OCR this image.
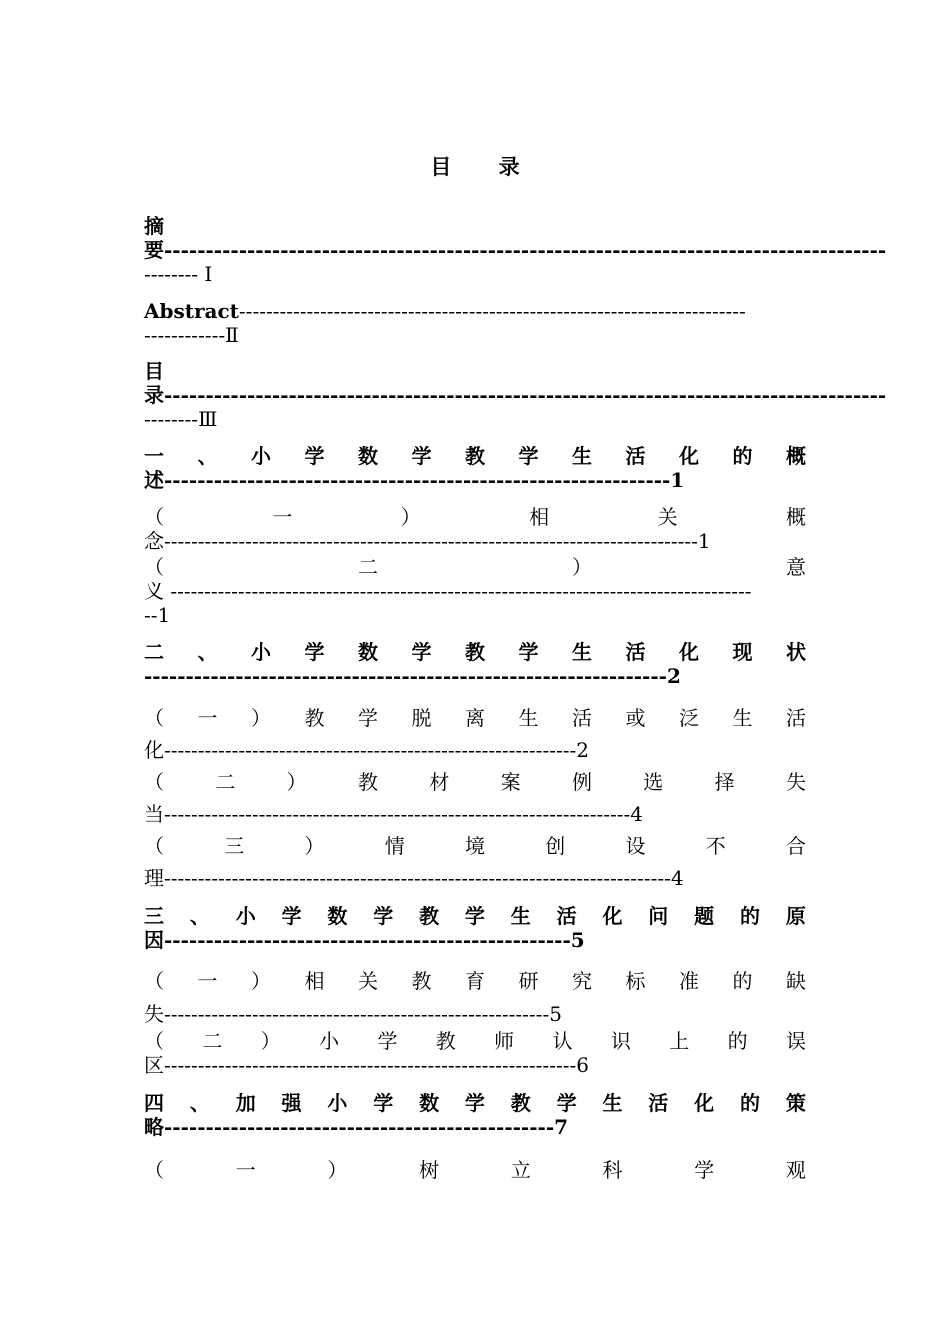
目 录

摘

要---------------------------------------------------------------------------------------

-------- Ⅰ

Abstract---------------------------------------------------------------------------

------------Ⅱ

目

录---------------------------------------------------------------------------------------

--------Ⅲ

一 、 小 学 数 学 教 学 生 活 化 的 概

述-------------------------------------------------------------1

（	一	）	相	关	概

念-------------------------------------------------------------------------------1

（	二	）	意

义 --------------------------------------------------------------------------------------

--1

二 、 小 学 数 学 教 学 生 活 化 现 状

---------------------------------------------------------------2

（ 一 ） 教 学 脱 离 生 活 或 泛 生 活

化-------------------------------------------------------------2

（	二	）	教	材	案	例	选	择	失

当---------------------------------------------------------------------4

（	三	）	情	境	创	设	不	合

理---------------------------------------------------------------------------4

三 、 小 学 数 学 教 学 生 活 化 问 题 的 原

因-------------------------------------------------5

（ 一 ） 相 关 教 育 研 究 标 准 的 缺

失---------------------------------------------------------5

（ 二 ） 小 学 教 师 认 识 上 的 误

区-------------------------------------------------------------6

四 、 加 强 小 学 数 学 教 学 生 活 化 的 策

略-----------------------------------------------7

（	一	）	树	立	科	学	观
